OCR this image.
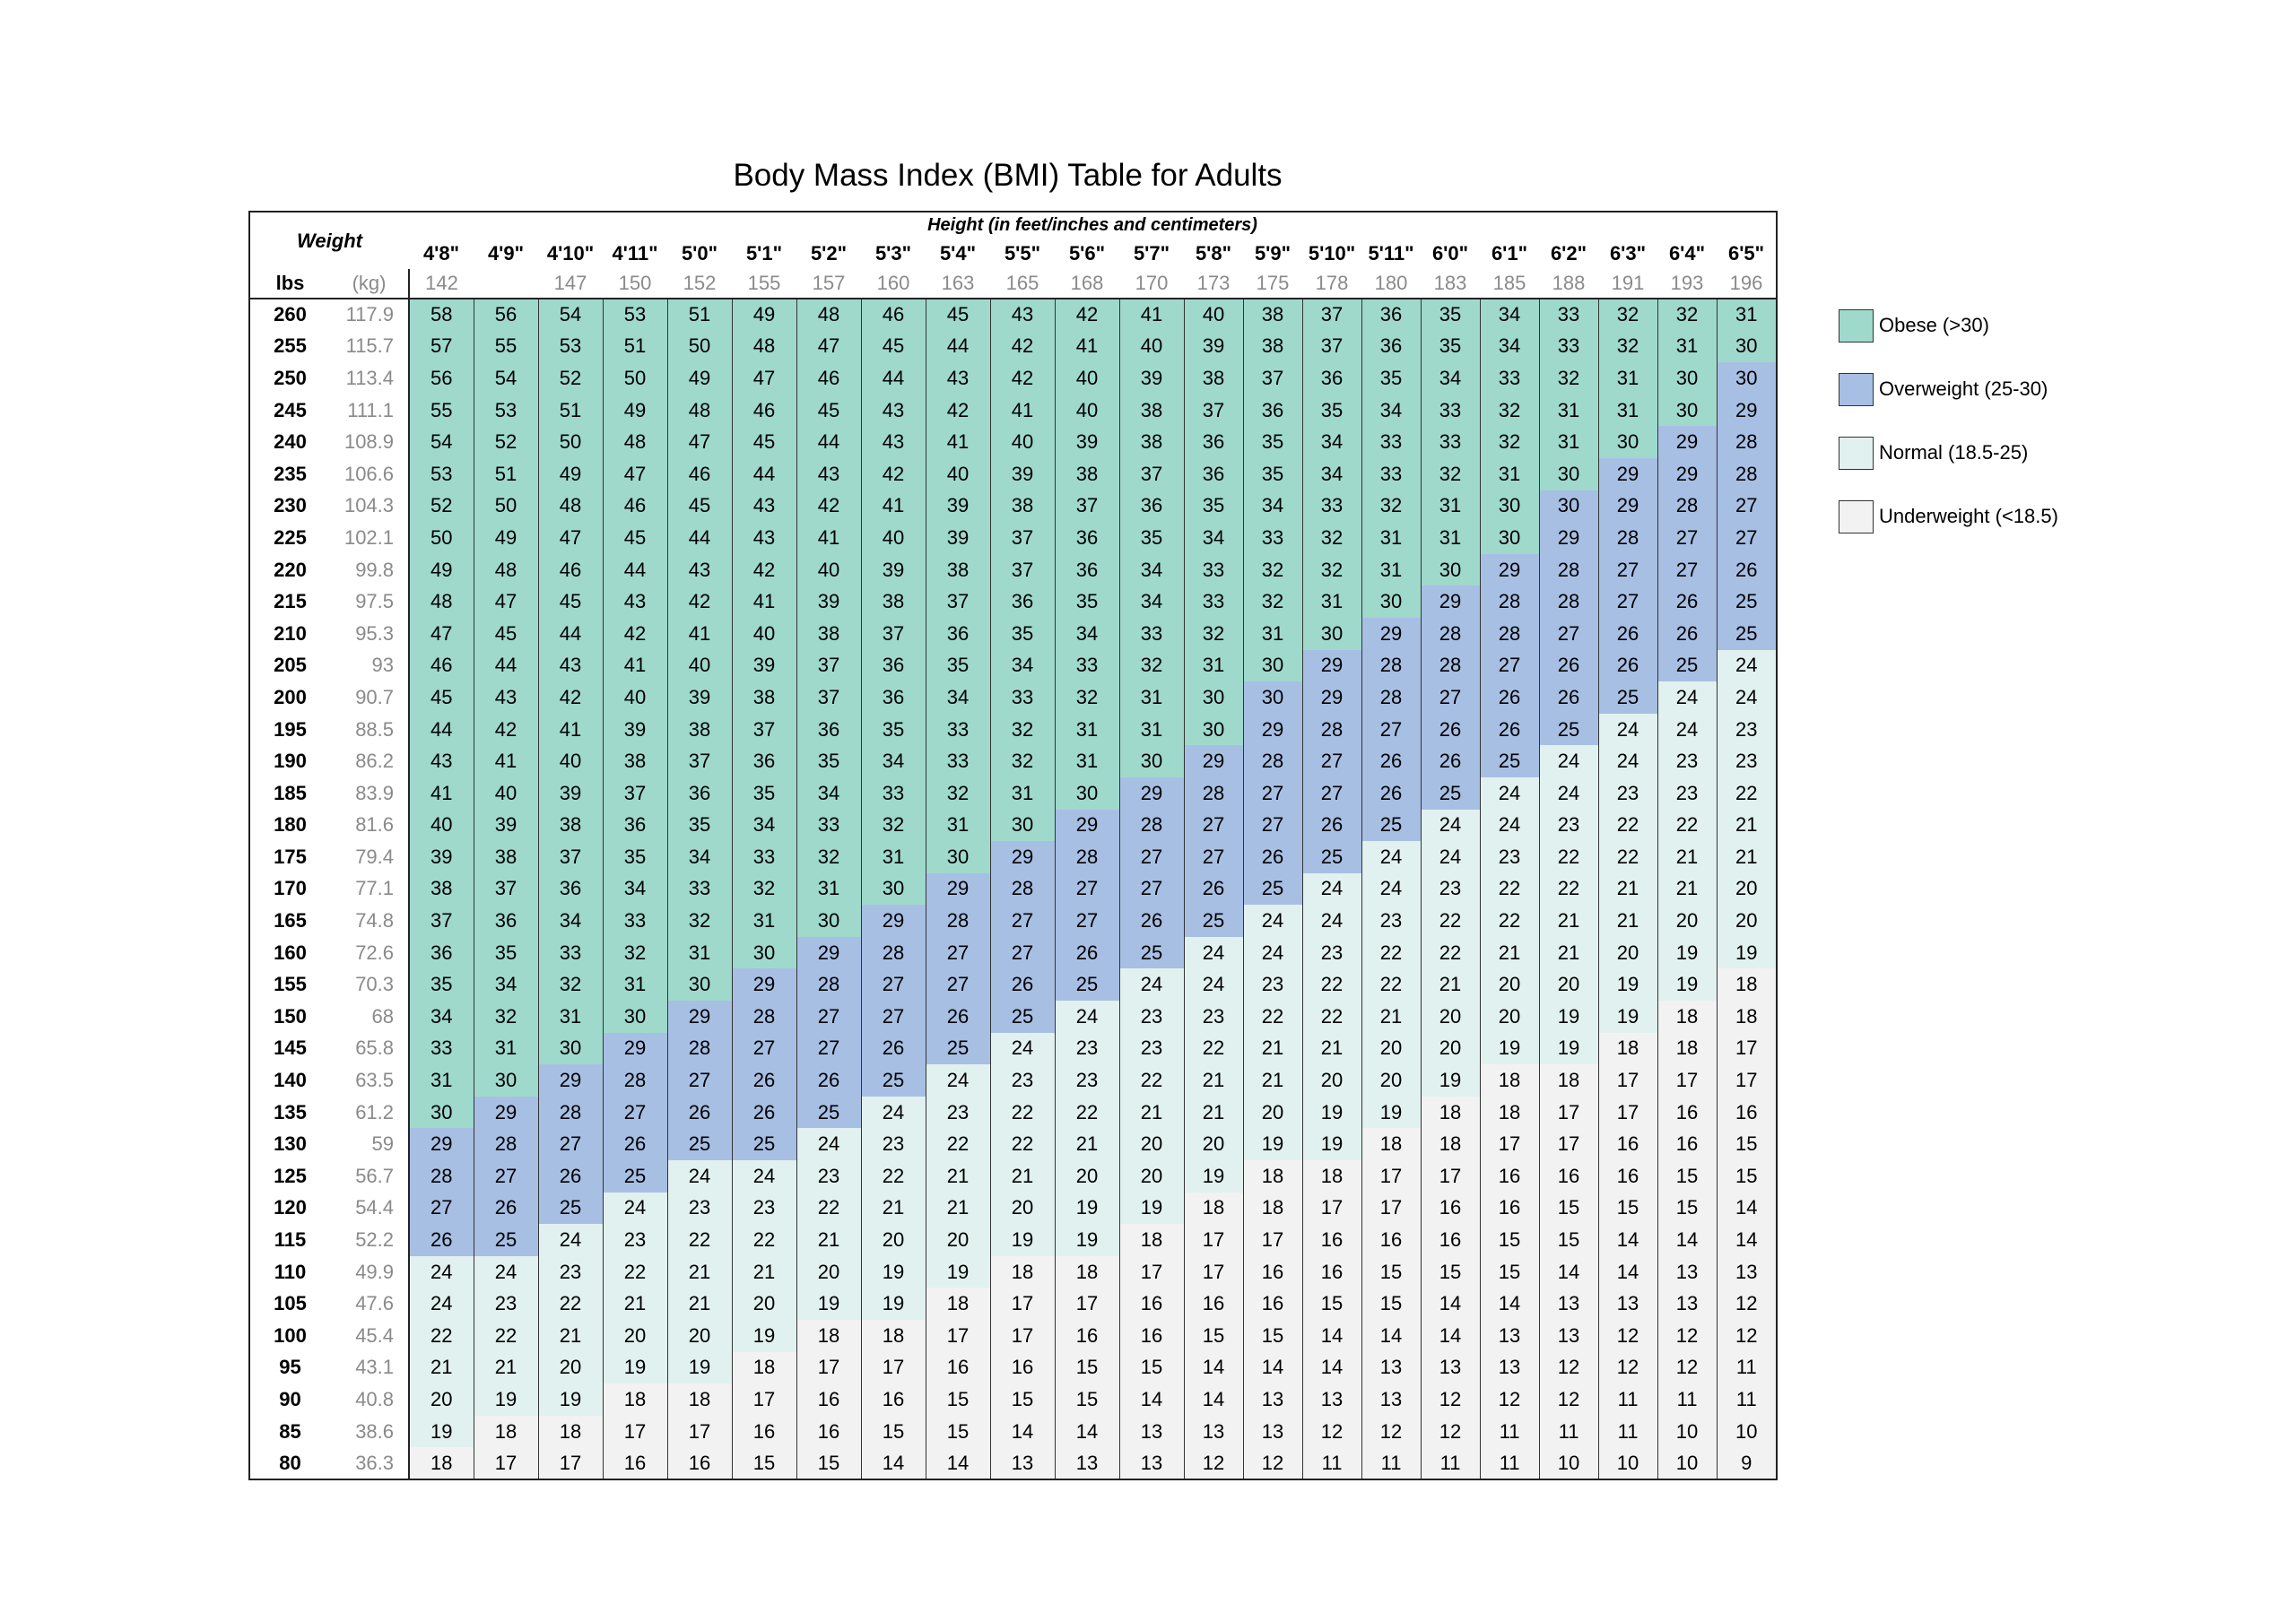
Body Mass Index (BMI) Table for Adults
Weight		Height (in feet/inches and centimeters)																					
		4'8"	4'9"	4'10"	4'11"	5'0"	5'1"	5'2"	5'3"	5'4"	5'5"	5'6"	5'7"	5'8"	5'9"	5'10"	5'11"	6'0"	6'1"	6'2"	6'3"	6'4"	6'5"
lbs	(kg)	142		147	150	152	155	157	160	163	165	168	170	173	175	178	180	183	185	188	191	193	196
260	117.9	58	56	54	53	51	49	48	46	45	43	42	41	40	38	37	36	35	34	33	32	32	31
255	115.7	57	55	53	51	50	48	47	45	44	42	41	40	39	38	37	36	35	34	33	32	31	30
250	113.4	56	54	52	50	49	47	46	44	43	42	40	39	38	37	36	35	34	33	32	31	30	30
245	111.1	55	53	51	49	48	46	45	43	42	41	40	38	37	36	35	34	33	32	31	31	30	29
240	108.9	54	52	50	48	47	45	44	43	41	40	39	38	36	35	34	33	33	32	31	30	29	28
235	106.6	53	51	49	47	46	44	43	42	40	39	38	37	36	35	34	33	32	31	30	29	29	28
230	104.3	52	50	48	46	45	43	42	41	39	38	37	36	35	34	33	32	31	30	30	29	28	27
225	102.1	50	49	47	45	44	43	41	40	39	37	36	35	34	33	32	31	31	30	29	28	27	27
220	99.8	49	48	46	44	43	42	40	39	38	37	36	34	33	32	32	31	30	29	28	27	27	26
215	97.5	48	47	45	43	42	41	39	38	37	36	35	34	33	32	31	30	29	28	28	27	26	25
210	95.3	47	45	44	42	41	40	38	37	36	35	34	33	32	31	30	29	28	28	27	26	26	25
205	93	46	44	43	41	40	39	37	36	35	34	33	32	31	30	29	28	28	27	26	26	25	24
200	90.7	45	43	42	40	39	38	37	36	34	33	32	31	30	30	29	28	27	26	26	25	24	24
195	88.5	44	42	41	39	38	37	36	35	33	32	31	31	30	29	28	27	26	26	25	24	24	23
190	86.2	43	41	40	38	37	36	35	34	33	32	31	30	29	28	27	26	26	25	24	24	23	23
185	83.9	41	40	39	37	36	35	34	33	32	31	30	29	28	27	27	26	25	24	24	23	23	22
180	81.6	40	39	38	36	35	34	33	32	31	30	29	28	27	27	26	25	24	24	23	22	22	21
175	79.4	39	38	37	35	34	33	32	31	30	29	28	27	27	26	25	24	24	23	22	22	21	21
170	77.1	38	37	36	34	33	32	31	30	29	28	27	27	26	25	24	24	23	22	22	21	21	20
165	74.8	37	36	34	33	32	31	30	29	28	27	27	26	25	24	24	23	22	22	21	21	20	20
160	72.6	36	35	33	32	31	30	29	28	27	27	26	25	24	24	23	22	22	21	21	20	19	19
155	70.3	35	34	32	31	30	29	28	27	27	26	25	24	24	23	22	22	21	20	20	19	19	18
150	68	34	32	31	30	29	28	27	27	26	25	24	23	23	22	22	21	20	20	19	19	18	18
145	65.8	33	31	30	29	28	27	27	26	25	24	23	23	22	21	21	20	20	19	19	18	18	17
140	63.5	31	30	29	28	27	26	26	25	24	23	23	22	21	21	20	20	19	18	18	17	17	17
135	61.2	30	29	28	27	26	26	25	24	23	22	22	21	21	20	19	19	18	18	17	17	16	16
130	59	29	28	27	26	25	25	24	23	22	22	21	20	20	19	19	18	18	17	17	16	16	15
125	56.7	28	27	26	25	24	24	23	22	21	21	20	20	19	18	18	17	17	16	16	16	15	15
120	54.4	27	26	25	24	23	23	22	21	21	20	19	19	18	18	17	17	16	16	15	15	15	14
115	52.2	26	25	24	23	22	22	21	20	20	19	19	18	17	17	16	16	16	15	15	14	14	14
110	49.9	24	24	23	22	21	21	20	19	19	18	18	17	17	16	16	15	15	15	14	14	13	13
105	47.6	24	23	22	21	21	20	19	19	18	17	17	16	16	16	15	15	14	14	13	13	13	12
100	45.4	22	22	21	20	20	19	18	18	17	17	16	16	15	15	14	14	14	13	13	12	12	12
95	43.1	21	21	20	19	19	18	17	17	16	16	15	15	14	14	14	13	13	13	12	12	12	11
90	40.8	20	19	19	18	18	17	16	16	15	15	15	14	14	13	13	13	12	12	12	11	11	11
85	38.6	19	18	18	17	17	16	16	15	15	14	14	13	13	13	12	12	12	11	11	11	10	10
80	36.3	18	17	17	16	16	15	15	14	14	13	13	13	12	12	11	11	11	11	10	10	10	9
Obese (>30)
Overweight (25-30)
Normal (18.5-25)
Underweight (<18.5)
